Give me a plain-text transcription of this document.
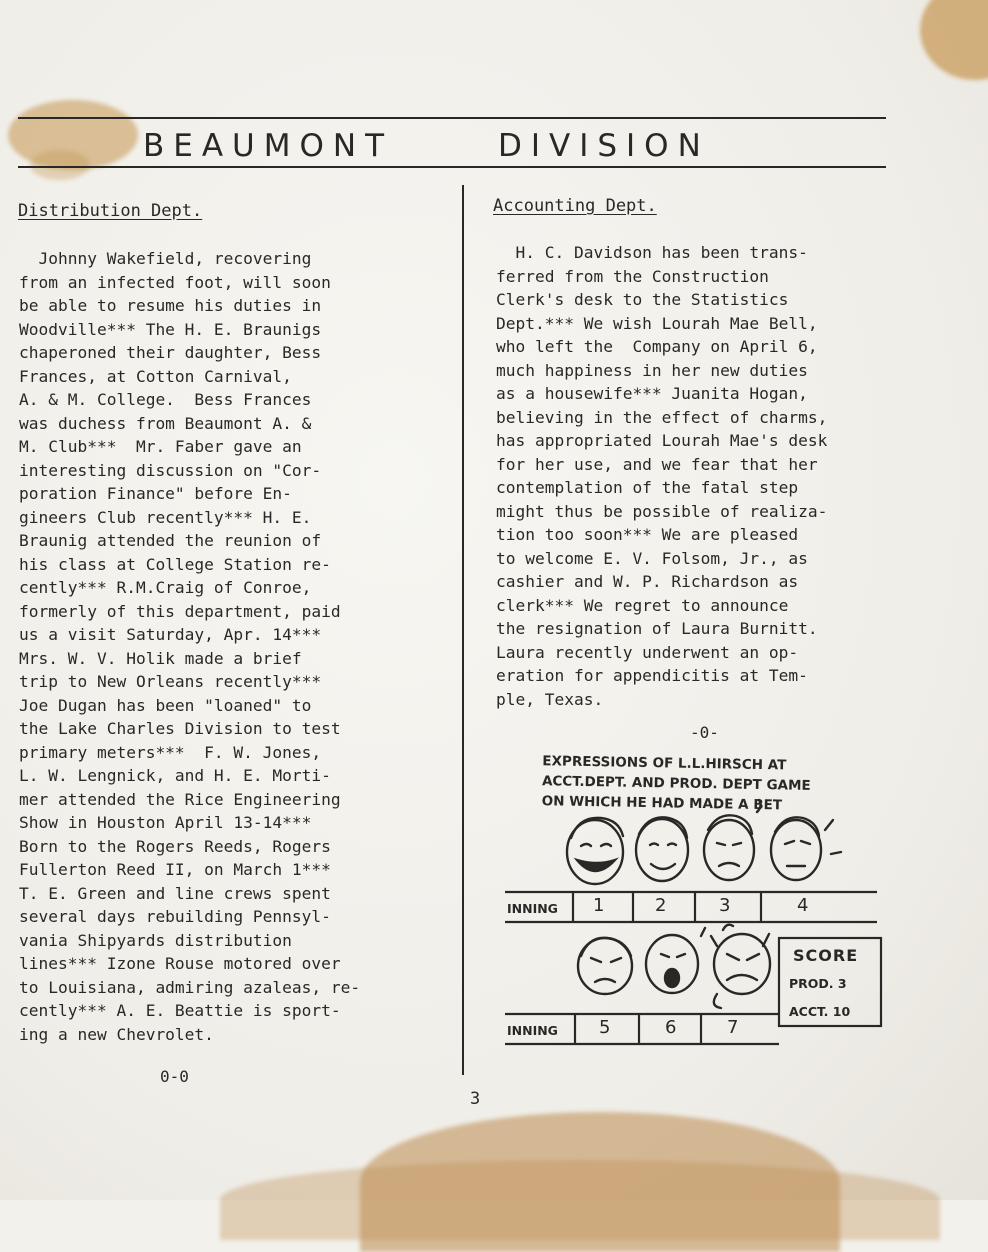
BEAUMONT	DIVISION
Distribution Dept.
Johnny Wakefield, recovering
from an infected foot, will soon
be able to resume his duties in
Woodville*** The H. E. Braunigs
chaperoned their daughter, Bess
Frances, at Cotton Carnival,
A. & M. College.  Bess Frances
was duchess from Beaumont A. &
M. Club***  Mr. Faber gave an
interesting discussion on "Cor-
poration Finance" before En-
gineers Club recently*** H. E.
Braunig attended the reunion of
his class at College Station re-
cently*** R.M.Craig of Conroe,
formerly of this department, paid
us a visit Saturday, Apr. 14***
Mrs. W. V. Holik made a brief
trip to New Orleans recently***
Joe Dugan has been "loaned" to
the Lake Charles Division to test
primary meters***  F. W. Jones,
L. W. Lengnick, and H. E. Morti-
mer attended the Rice Engineering
Show in Houston April 13-14***
Born to the Rogers Reeds, Rogers
Fullerton Reed II, on March 1***
T. E. Green and line crews spent
several days rebuilding Pennsyl-
vania Shipyards distribution
lines*** Izone Rouse motored over
to Louisiana, admiring azaleas, re-
cently*** A. E. Beattie is sport-
ing a new Chevrolet.
0-0
Accounting Dept.
H. C. Davidson has been trans-
ferred from the Construction
Clerk's desk to the Statistics
Dept.*** We wish Lourah Mae Bell,
who left the  Company on April 6,
much happiness in her new duties
as a housewife*** Juanita Hogan,
believing in the effect of charms,
has appropriated Lourah Mae's desk
for her use, and we fear that her
contemplation of the fatal step
might thus be possible of realiza-
tion too soon*** We are pleased
to welcome E. V. Folsom, Jr., as
cashier and W. P. Richardson as
clerk*** We regret to announce
the resignation of Laura Burnitt.
Laura recently underwent an op-
eration for appendicitis at Tem-
ple, Texas.
-0-
EXPRESSIONS OF L.L.HIRSCH AT
ACCT.DEPT. AND PROD. DEPT GAME
ON WHICH HE HAD MADE A BET
INNING 1	2	3	4
INNING 5	6	7
SCORE
PROD. 3
ACCT. 10
3
